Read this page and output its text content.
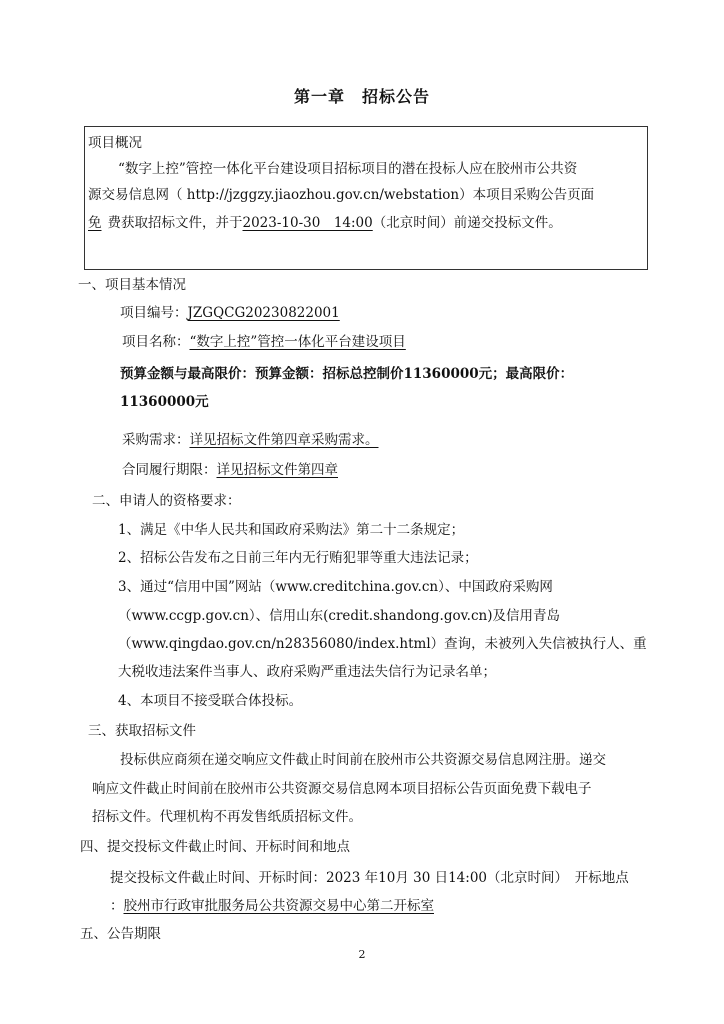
第一章　招标公告
项目概况
“数字上控”管控一体化平台建设项目招标项目的潜在投标人应在胶州市公共资
源交易信息网（ http://jzggzy.jiaozhou.gov.cn/webstation）本项目采购公告页面
免 费获取招标文件，并于2023-10-30　14:00（北京时间）前递交投标文件。
一、项目基本情况
项目编号：JZGQCG20230822001
项目名称：“数字上控”管控一体化平台建设项目
预算金额与最高限价：预算金额：招标总控制价11360000元；最高限价：
11360000元
采购需求：详见招标文件第四章采购需求。
合同履行期限：详见招标文件第四章
二、申请人的资格要求：
1、满足《中华人民共和国政府采购法》第二十二条规定；
2、招标公告发布之日前三年内无行贿犯罪等重大违法记录；
3、通过“信用中国”网站（www.creditchina.gov.cn）、中国政府采购网
（www.ccgp.gov.cn）、信用山东(credit.shandong.gov.cn)及信用青岛
（www.qingdao.gov.cn/n28356080/index.html）查询，未被列入失信被执行人、重
大税收违法案件当事人、政府采购严重违法失信行为记录名单；
4、本项目不接受联合体投标。
三、获取招标文件
投标供应商须在递交响应文件截止时间前在胶州市公共资源交易信息网注册。递交
响应文件截止时间前在胶州市公共资源交易信息网本项目招标公告页面免费下载电子
招标文件。代理机构不再发售纸质招标文件。
四、提交投标文件截止时间、开标时间和地点
提交投标文件截止时间、开标时间：2023 年10月 30 日14:00（北京时间）　开标地点
：胶州市行政审批服务局公共资源交易中心第二开标室
五、公告期限
2
